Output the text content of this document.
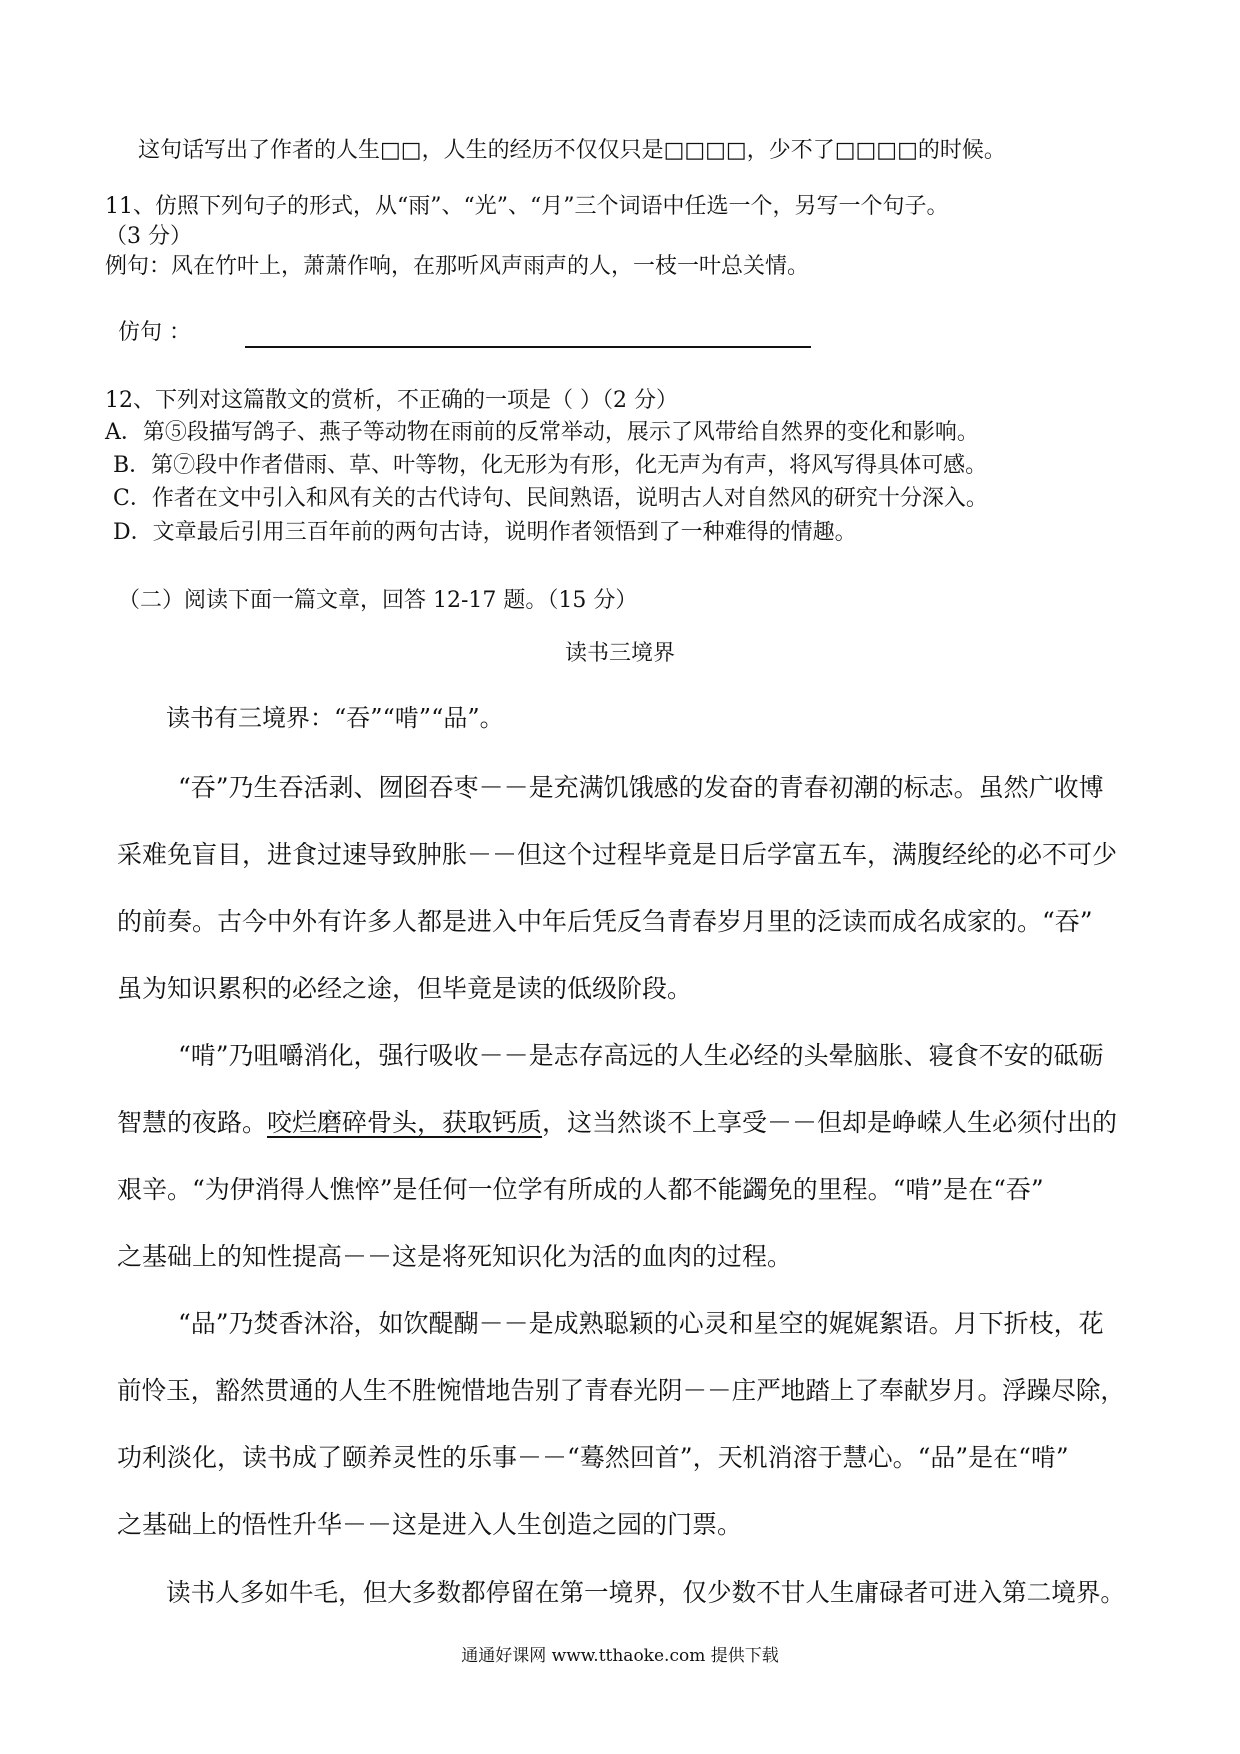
这句话写出了作者的人生□□，人生的经历不仅仅只是□□□□，少不了□□□□的时候。
11、仿照下列句子的形式，从“雨”、“光”、“月”三个词语中任选一个，另写一个句子。
（3 分）
例句：风在竹叶上，萧萧作响，在那听风声雨声的人，一枝一叶总关情。
仿句 ：
12、下列对这篇散文的赏析，不正确的一项是（ ）（2 分）
A．第⑤段描写鸽子、燕子等动物在雨前的反常举动，展示了风带给自然界的变化和影响。
B．第⑦段中作者借雨、草、叶等物，化无形为有形，化无声为有声，将风写得具体可感。
C．作者在文中引入和风有关的古代诗句、民间熟语，说明古人对自然风的研究十分深入。
D．文章最后引用三百年前的两句古诗，说明作者领悟到了一种难得的情趣。
（二）阅读下面一篇文章，回答 12-17 题。（15 分）
读书三境界
读书有三境界：“吞”“啃”“品”。
“吞”乃生吞活剥、囫囵吞枣－－是充满饥饿感的发奋的青春初潮的标志。虽然广收博
采难免盲目，进食过速导致肿胀－－但这个过程毕竟是日后学富五车，满腹经纶的必不可少
的前奏。古今中外有许多人都是进入中年后凭反刍青春岁月里的泛读而成名成家的。“吞”
虽为知识累积的必经之途，但毕竟是读的低级阶段。
“啃”乃咀嚼消化，强行吸收－－是志存高远的人生必经的头晕脑胀、寝食不安的砥砺
智慧的夜路。咬烂磨碎骨头，获取钙质，这当然谈不上享受－－但却是峥嵘人生必须付出的
艰辛。“为伊消得人憔悴”是任何一位学有所成的人都不能蠲免的里程。“啃”是在“吞”
之基础上的知性提高－－这是将死知识化为活的血肉的过程。
“品”乃焚香沐浴，如饮醍醐－－是成熟聪颖的心灵和星空的娓娓絮语。月下折枝，花
前怜玉，豁然贯通的人生不胜惋惜地告别了青春光阴－－庄严地踏上了奉献岁月。浮躁尽除，
功利淡化，读书成了颐养灵性的乐事－－“蓦然回首”，天机消溶于慧心。“品”是在“啃”
之基础上的悟性升华－－这是进入人生创造之园的门票。
读书人多如牛毛，但大多数都停留在第一境界，仅少数不甘人生庸碌者可进入第二境界。
通通好课网 www.tthaoke.com 提供下载
